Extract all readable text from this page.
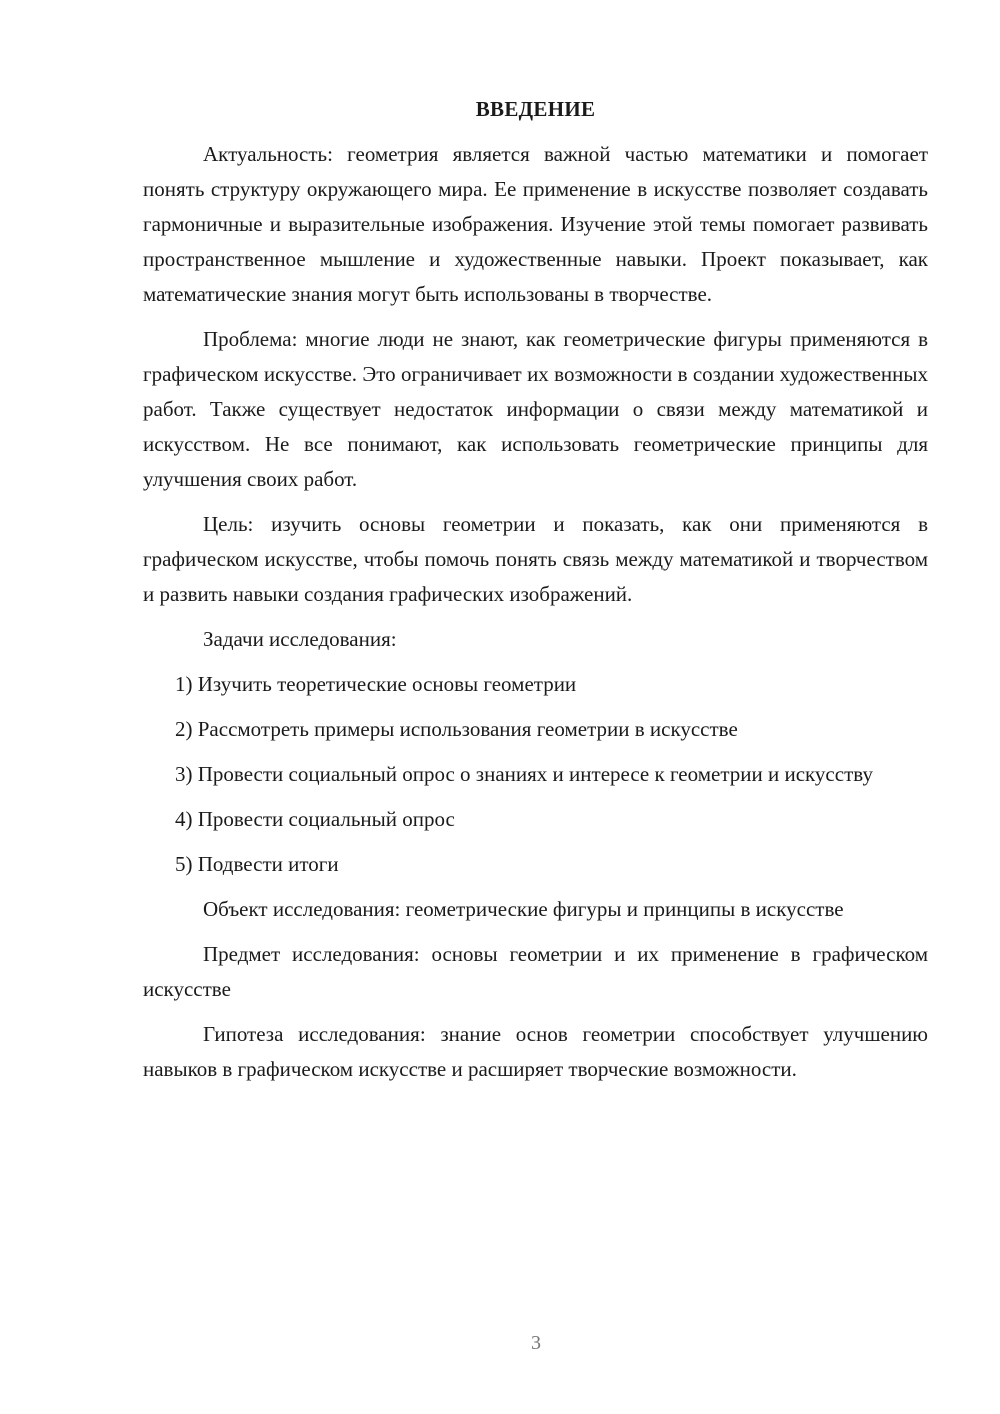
ВВЕДЕНИЕ

Актуальность: геометрия является важной частью математики и помогает понять структуру окружающего мира. Ее применение в искусстве позволяет создавать гармоничные и выразительные изображения. Изучение этой темы помогает развивать пространственное мышление и художественные навыки. Проект показывает, как математические знания могут быть использованы в творчестве.

Проблема: многие люди не знают, как геометрические фигуры применяются в графическом искусстве. Это ограничивает их возможности в создании художественных работ. Также существует недостаток информации о связи между математикой и искусством. Не все понимают, как использовать геометрические принципы для улучшения своих работ.

Цель: изучить основы геометрии и показать, как они применяются в графическом искусстве, чтобы помочь понять связь между математикой и творчеством и развить навыки создания графических изображений.

Задачи исследования:

1) Изучить теоретические основы геометрии

2) Рассмотреть примеры использования геометрии в искусстве

3) Провести социальный опрос о знаниях и интересе к геометрии и искусству

4) Провести социальный опрос

5) Подвести итоги

Объект исследования: геометрические фигуры и принципы в искусстве

Предмет исследования: основы геометрии и их применение в графическом искусстве

Гипотеза исследования: знание основ геометрии способствует улучшению навыков в графическом искусстве и расширяет творческие возможности.

3
